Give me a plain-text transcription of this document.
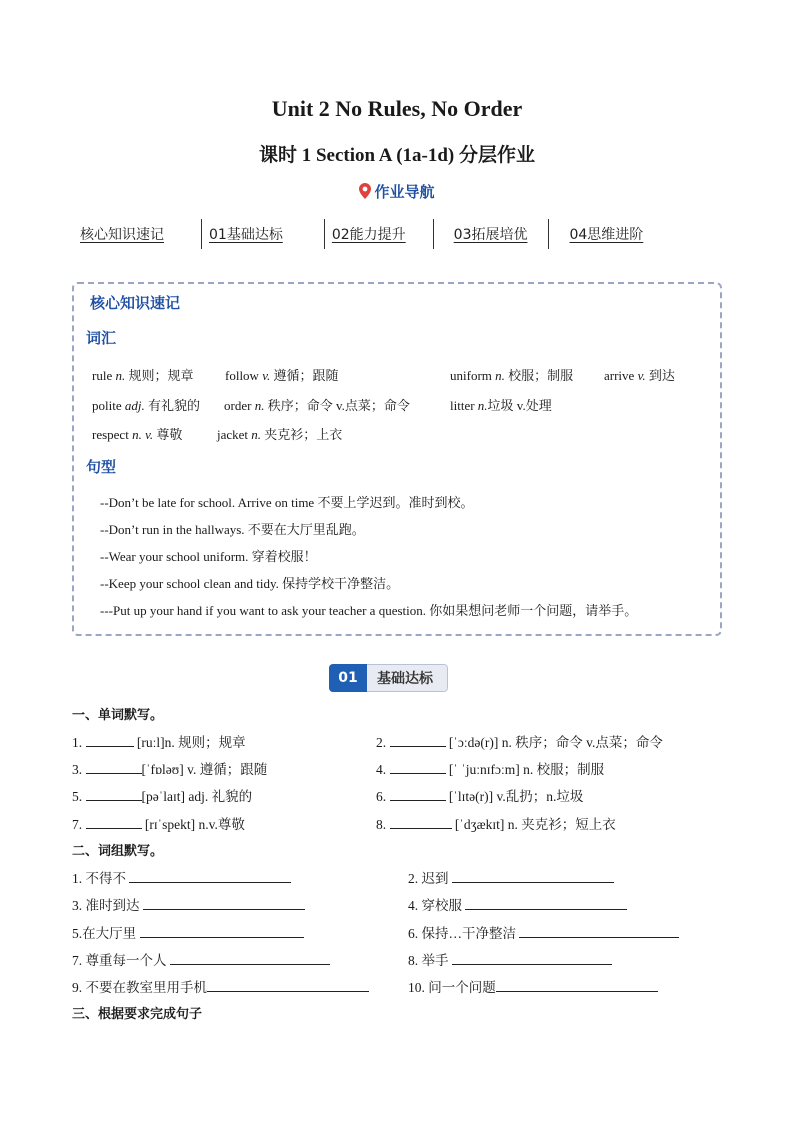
Unit 2 No Rules, No Order
课时 1 Section A (1a-1d) 分层作业
作业导航
核心知识速记	01基础达标	02能力提升	03拓展培优	04思维进阶
核心知识速记
词汇
rule n. 规则；规章 follow v. 遵循；跟随	uniform n. 校服；制服 arrive v. 到达
polite adj. 有礼貌的 order n. 秩序；命令 v.点菜；命令	litter n.垃圾 v.处理
respect n. v. 尊敬	jacket n. 夹克衫；上衣
句型
--Don’t be late for school. Arrive on time 不要上学迟到。准时到校。
--Don’t run in the hallways. 不要在大厅里乱跑。
--Wear your school uniform. 穿着校服！
--Keep your school clean and tidy. 保持学校干净整洁。
---Put up your hand if you want to ask your teacher a question. 你如果想问老师一个问题，请举手。
01	基础达标
一、单词默写。
1.	[ruːl]n. 规则；规章	2.	[ˈɔːdə(r)] n. 秩序；命令 v.点菜；命令
3.	[ˈfɒləʊ] v. 遵循；跟随	4.	[ˈ ˈjuːnɪfɔːm] n. 校服；制服
5.	[pəˈlaɪt] adj. 礼貌的	6.	[ˈlɪtə(r)] v.乱扔；n.垃圾
7.	[rɪˈspekt] n.v.尊敬	8.	[ˈdʒækɪt] n. 夹克衫；短上衣
二、词组默写。
1. 不得不	2. 迟到
3. 准时到达	4. 穿校服
5.在大厅里	6. 保持…干净整洁
7. 尊重每一个人	8. 举手
9. 不要在教室里用手机	10. 问一个问题
三、根据要求完成句子
